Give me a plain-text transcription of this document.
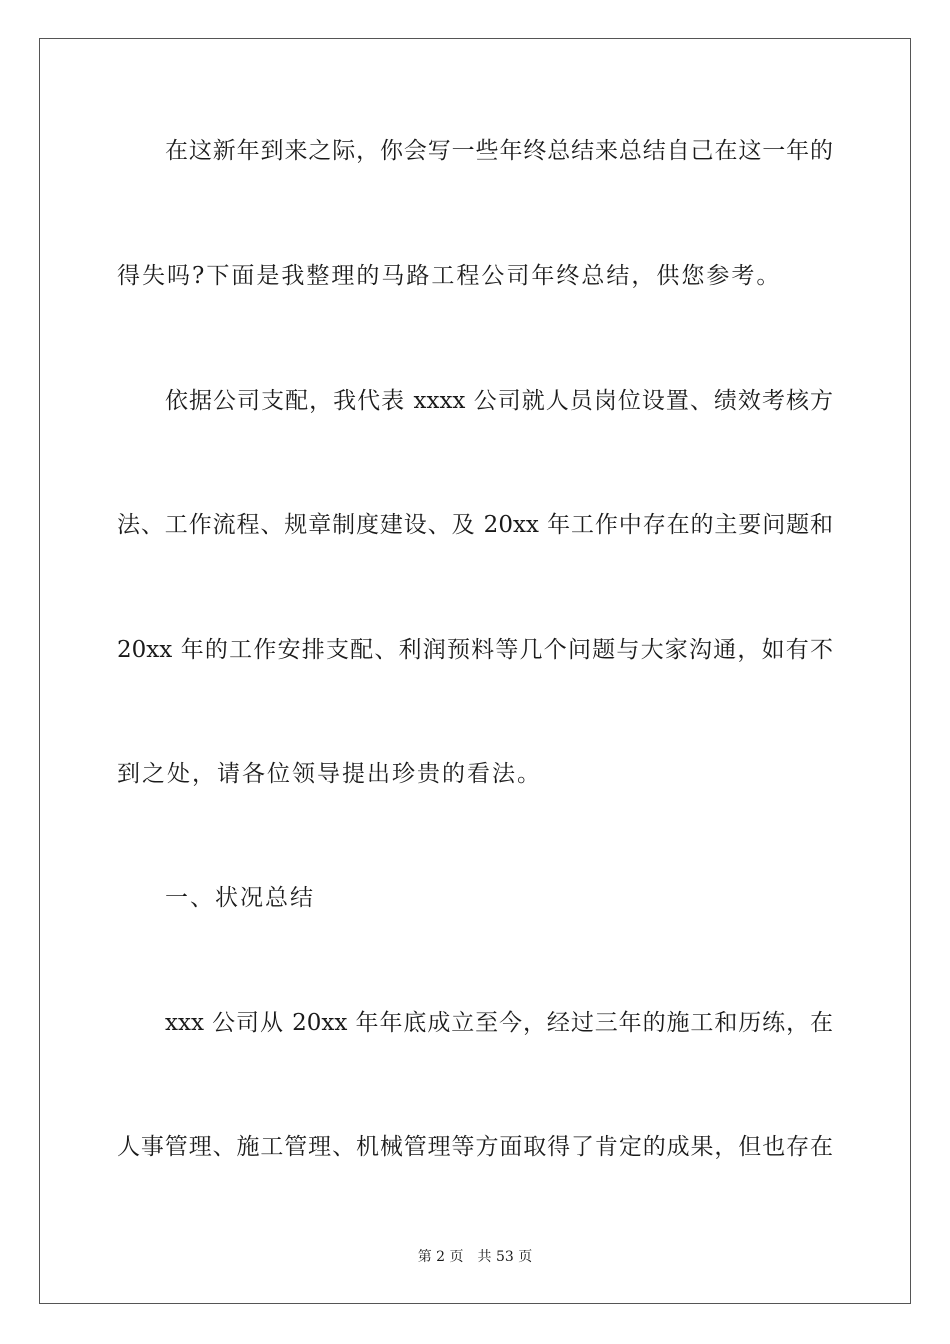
在这新年到来之际，你会写一些年终总结来总结自己在这一年的
得失吗?下面是我整理的马路工程公司年终总结，供您参考。
依据公司支配，我代表 xxxx 公司就人员岗位设置、绩效考核方
法、工作流程、规章制度建设、及 20xx 年工作中存在的主要问题和
20xx 年的工作安排支配、利润预料等几个问题与大家沟通，如有不
到之处，请各位领导提出珍贵的看法。
一、状况总结
xxx 公司从 20xx 年年底成立至今，经过三年的施工和历练，在
人事管理、施工管理、机械管理等方面取得了肯定的成果，但也存在
第 2 页 共 53 页
